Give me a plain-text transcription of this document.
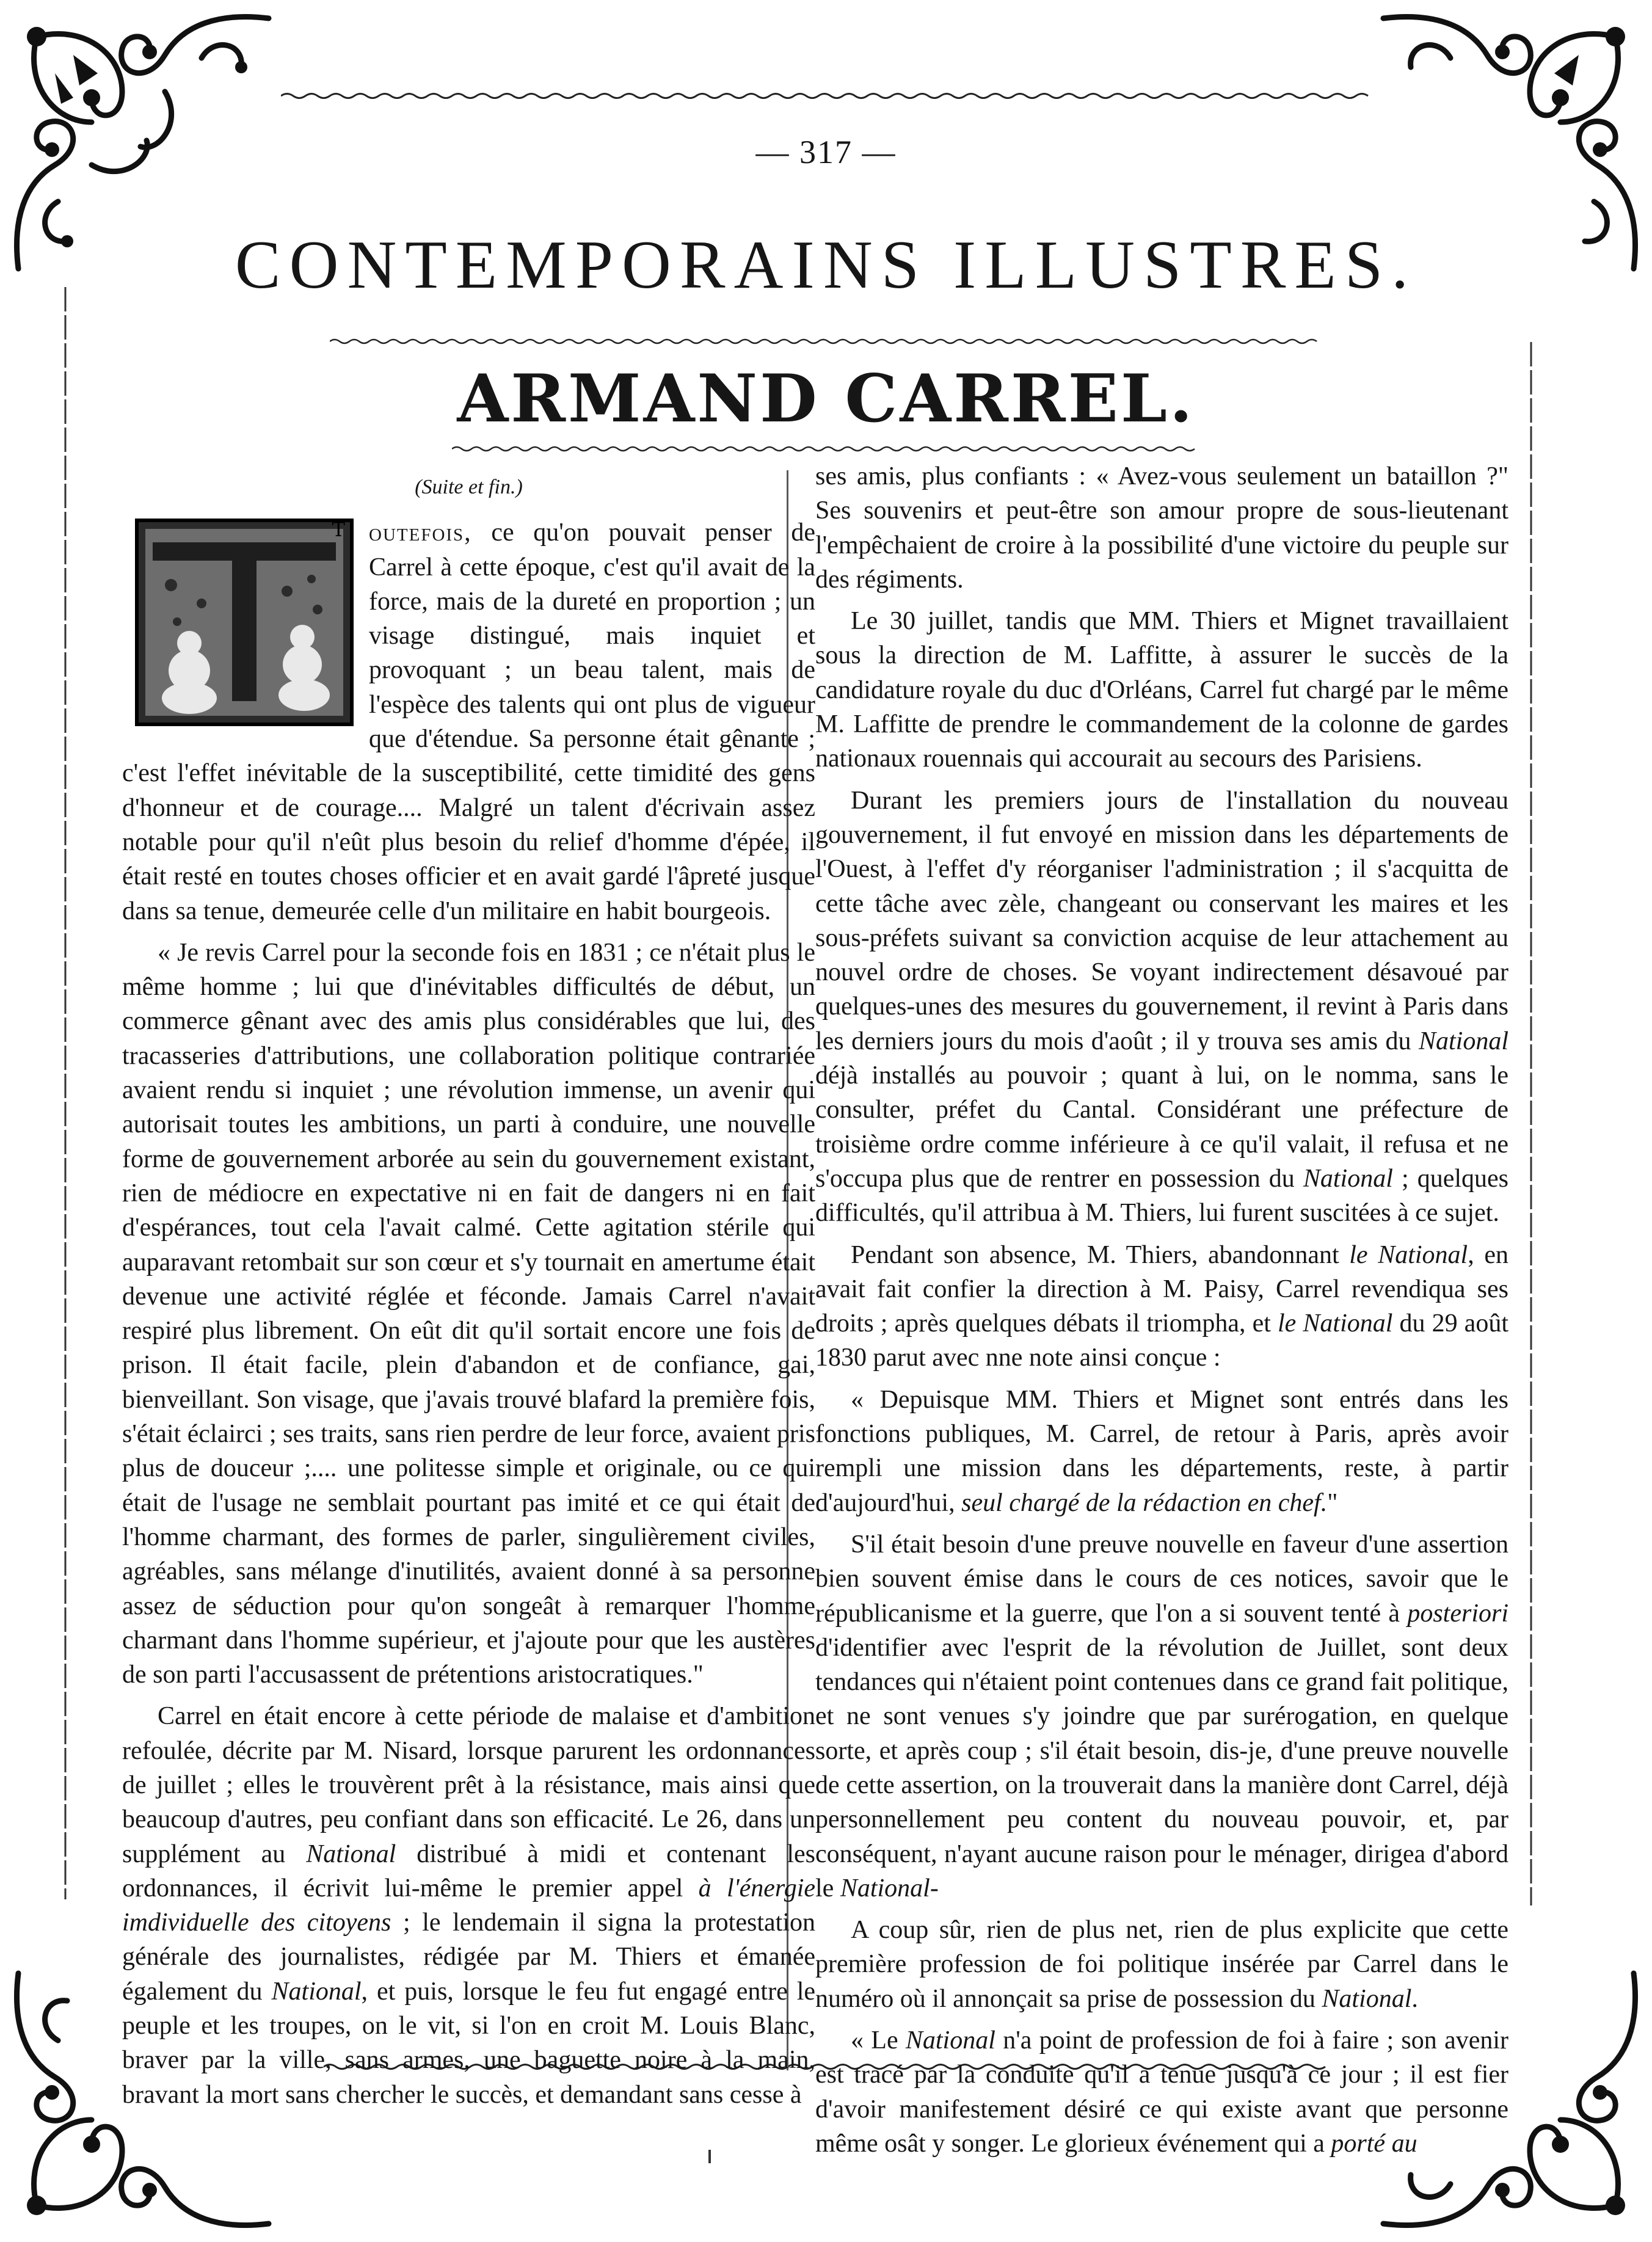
— 317 —
CONTEMPORAINS ILLUSTRES.
ARMAND CARREL.
(Suite et fin.)
T outefois, ce qu'on pouvait penser de Carrel à cette époque, c'est qu'il avait de la force, mais de la dureté en proportion ; un visage distingué, mais inquiet et provoquant ; un beau talent, mais de l'espèce des talents qui ont plus de vigueur que d'étendue. Sa personne était gênante ; c'est l'effet inévitable de la susceptibilité, cette timidité des gens d'honneur et de courage.... Malgré un talent d'écrivain assez notable pour qu'il n'eût plus besoin du relief d'homme d'épée, il était resté en toutes choses officier et en avait gardé l'âpreté jusque dans sa tenue, demeurée celle d'un militaire en habit bourgeois.

« Je revis Carrel pour la seconde fois en 1831 ; ce n'était plus le même homme ; lui que d'inévitables difficultés de début, un commerce gênant avec des amis plus considérables que lui, des tracasseries d'attributions, une collaboration politique contrariée avaient rendu si inquiet ; une révolution immense, un avenir qui autorisait toutes les ambitions, un parti à conduire, une nouvelle forme de gouvernement arborée au sein du gouvernement existant, rien de médiocre en expectative ni en fait de dangers ni en fait d'espérances, tout cela l'avait calmé. Cette agitation stérile qui auparavant retombait sur son cœur et s'y tournait en amertume était devenue une activité réglée et féconde. Jamais Carrel n'avait respiré plus librement. On eût dit qu'il sortait encore une fois de prison. Il était facile, plein d'abandon et de confiance, gai, bienveillant. Son visage, que j'avais trouvé blafard la première fois, s'était éclairci ; ses traits, sans rien perdre de leur force, avaient pris plus de douceur ;.... une politesse simple et originale, ou ce qui était de l'usage ne semblait pourtant pas imité et ce qui était de l'homme charmant, des formes de parler, singulièrement civiles, agréables, sans mélange d'inutilités, avaient donné à sa personne assez de séduction pour qu'on songeât à remarquer l'homme charmant dans l'homme supérieur, et j'ajoute pour que les austères de son parti l'accusassent de prétentions aristocratiques."

Carrel en était encore à cette période de malaise et d'ambition refoulée, décrite par M. Nisard, lorsque parurent les ordonnances de juillet ; elles le trouvèrent prêt à la résistance, mais ainsi que beaucoup d'autres, peu confiant dans son efficacité. Le 26, dans un supplément au National distribué à midi et contenant les ordonnances, il écrivit lui-même le premier appel à l'énergie imdividuelle des citoyens ; le lendemain il signa la protestation générale des journalistes, rédigée par M. Thiers et émanée également du National, et puis, lorsque le feu fut engagé entre le peuple et les troupes, on le vit, si l'on en croit M. Louis Blanc, braver par la ville, sans armes, une baguette noire à la main, bravant la mort sans chercher le succès, et demandant sans cesse à

ses amis, plus confiants : « Avez-vous seulement un bataillon ?" Ses souvenirs et peut-être son amour propre de sous-lieutenant l'empêchaient de croire à la possibilité d'une victoire du peuple sur des régiments.

Le 30 juillet, tandis que MM. Thiers et Mignet travaillaient sous la direction de M. Laffitte, à assurer le succès de la candidature royale du duc d'Orléans, Carrel fut chargé par le même M. Laffitte de prendre le commandement de la colonne de gardes nationaux rouennais qui accourait au secours des Parisiens.

Durant les premiers jours de l'installation du nouveau gouvernement, il fut envoyé en mission dans les départements de l'Ouest, à l'effet d'y réorganiser l'administration ; il s'acquitta de cette tâche avec zèle, changeant ou conservant les maires et les sous-préfets suivant sa conviction acquise de leur attachement au nouvel ordre de choses. Se voyant indirectement désavoué par quelques-unes des mesures du gouvernement, il revint à Paris dans les derniers jours du mois d'août ; il y trouva ses amis du National déjà installés au pouvoir ; quant à lui, on le nomma, sans le consulter, préfet du Cantal. Considérant une préfecture de troisième ordre comme inférieure à ce qu'il valait, il refusa et ne s'occupa plus que de rentrer en possession du National ; quelques difficultés, qu'il attribua à M. Thiers, lui furent suscitées à ce sujet.

Pendant son absence, M. Thiers, abandonnant le National, en avait fait confier la direction à M. Paisy, Carrel revendiqua ses droits ; après quelques débats il triompha, et le National du 29 août 1830 parut avec nne note ainsi conçue :

« Depuisque MM. Thiers et Mignet sont entrés dans les fonctions publiques, M. Carrel, de retour à Paris, après avoir rempli une mission dans les départements, reste, à partir d'aujourd'hui, seul chargé de la rédaction en chef."

S'il était besoin d'une preuve nouvelle en faveur d'une assertion bien souvent émise dans le cours de ces notices, savoir que le républicanisme et la guerre, que l'on a si souvent tenté à posteriori d'identifier avec l'esprit de la révolution de Juillet, sont deux tendances qui n'étaient point contenues dans ce grand fait politique, et ne sont venues s'y joindre que par surérogation, en quelque sorte, et après coup ; s'il était besoin, dis-je, d'une preuve nouvelle de cette assertion, on la trouverait dans la manière dont Carrel, déjà personnellement peu content du nouveau pouvoir, et, par conséquent, n'ayant aucune raison pour le ménager, dirigea d'abord le National-

A coup sûr, rien de plus net, rien de plus explicite que cette première profession de foi politique insérée par Carrel dans le numéro où il annonçait sa prise de possession du National.

« Le National n'a point de profession de foi à faire ; son avenir est tracé par la conduite qu'il a tenue jusqu'à ce jour ; il est fier d'avoir manifestement désiré ce qui existe avant que personne même osât y songer. Le glorieux événement qui a porté au
